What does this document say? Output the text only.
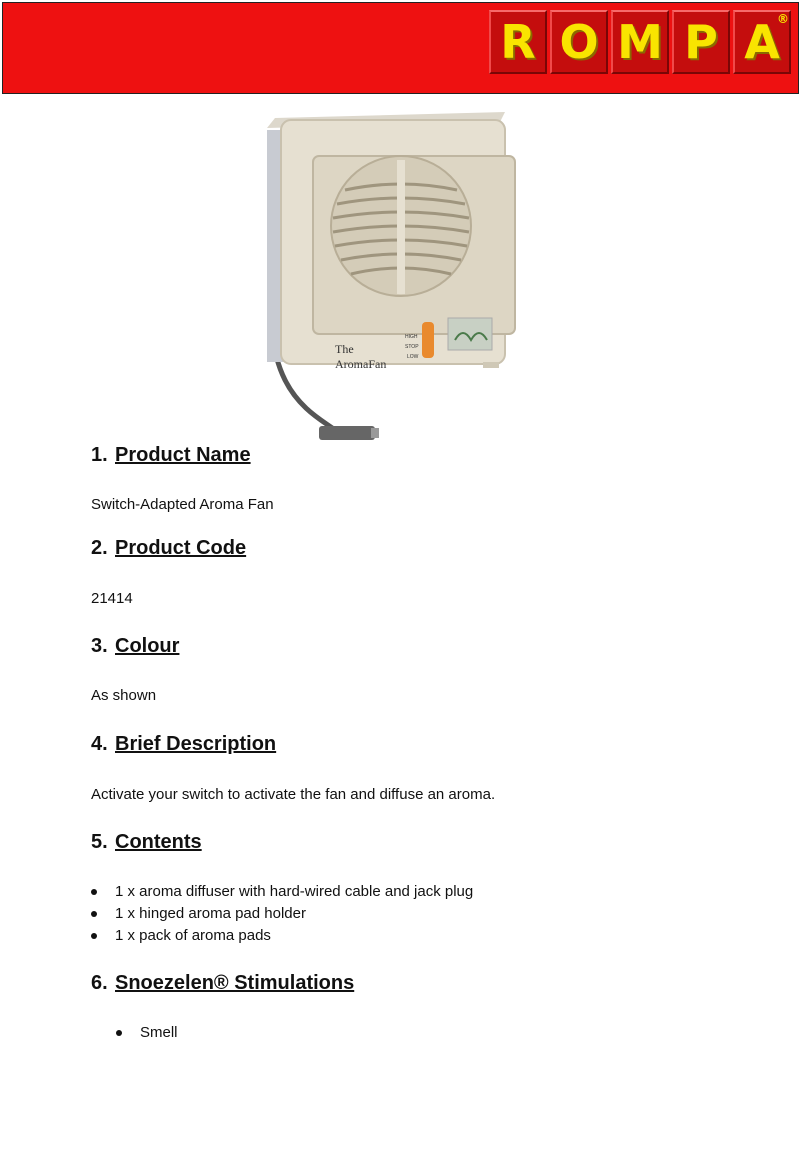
R O M P A
®
The
AromaFan
HIGH
STOP
LOW
1. Product Name

Switch-Adapted Aroma Fan

2. Product Code

21414

3. Colour

As shown

4. Brief Description

Activate your switch to activate the fan and diffuse an aroma.

5. Contents
1 x aroma diffuser with hard-wired cable and jack plug
1 x hinged aroma pad holder
1 x pack of aroma pads
6. Snoezelen® Stimulations
Smell
